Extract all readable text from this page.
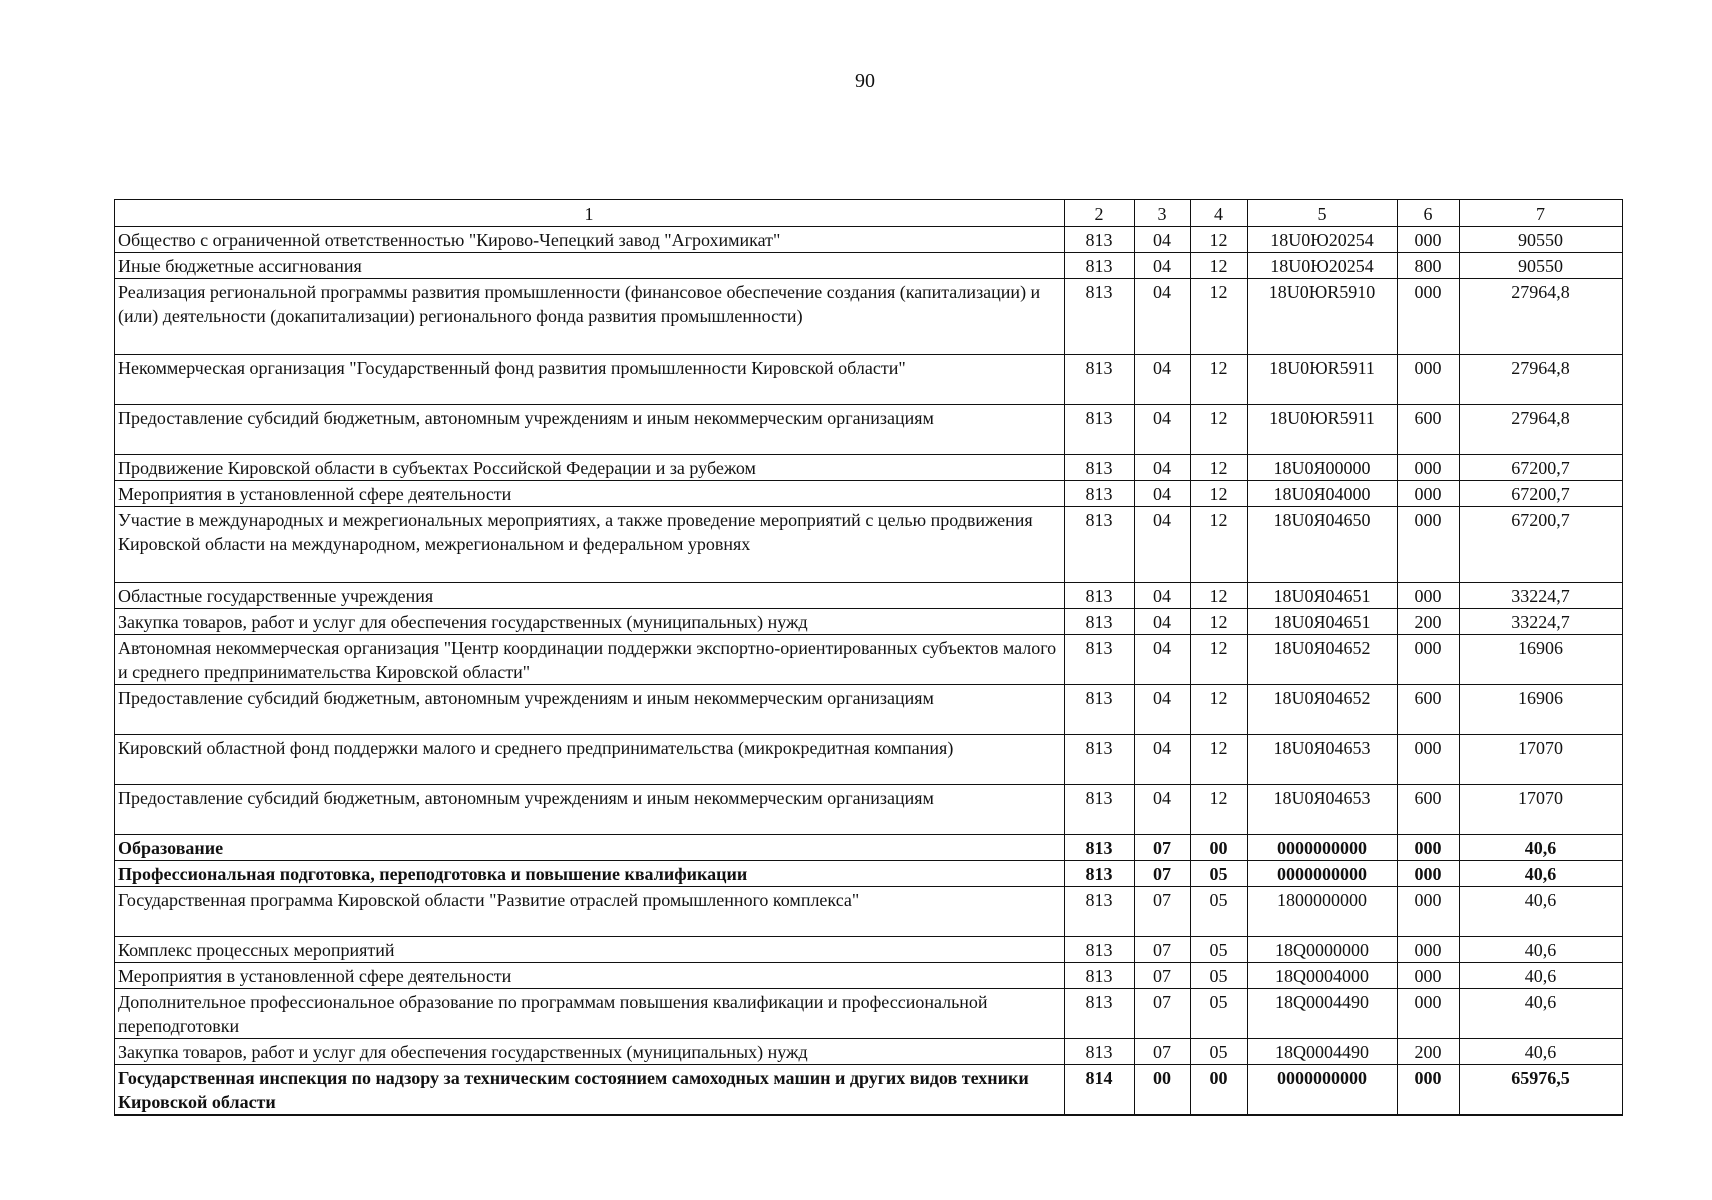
90
1	2	3	4	5	6	7
Общество с ограниченной ответственностью "Кирово-Чепецкий завод "Агрохимикат"	813	04	12	18U0Ю20254	000	90550
Иные бюджетные ассигнования	813	04	12	18U0Ю20254	800	90550
Реализация региональной программы развития промышленности (финансовое обеспечение создания (капитализации) и (или) деятельности (докапитализации) регионального фонда развития промышленности)	813	04	12	18U0ЮR5910	000	27964,8
Некоммерческая организация "Государственный фонд развития промышленности Кировской области"	813	04	12	18U0ЮR5911	000	27964,8
Предоставление субсидий бюджетным, автономным учреждениям и иным некоммерческим организациям	813	04	12	18U0ЮR5911	600	27964,8
Продвижение Кировской области в субъектах Российской Федерации и за рубежом	813	04	12	18U0Я00000	000	67200,7
Мероприятия в установленной сфере деятельности	813	04	12	18U0Я04000	000	67200,7
Участие в международных и межрегиональных мероприятиях, а также проведение мероприятий с целью продвижения Кировской области на международном, межрегиональном и федеральном уровнях	813	04	12	18U0Я04650	000	67200,7
Областные государственные учреждения	813	04	12	18U0Я04651	000	33224,7
Закупка товаров, работ и услуг для обеспечения государственных (муниципальных) нужд	813	04	12	18U0Я04651	200	33224,7
Автономная некоммерческая организация "Центр координации поддержки экспортно-ориентированных субъектов малого и среднего предпринимательства Кировской области"	813	04	12	18U0Я04652	000	16906
Предоставление субсидий бюджетным, автономным учреждениям и иным некоммерческим организациям	813	04	12	18U0Я04652	600	16906
Кировский областной фонд поддержки малого и среднего предпринимательства (микрокредитная компания)	813	04	12	18U0Я04653	000	17070
Предоставление субсидий бюджетным, автономным учреждениям и иным некоммерческим организациям	813	04	12	18U0Я04653	600	17070
Образование	813	07	00	0000000000	000	40,6
Профессиональная подготовка, переподготовка и повышение квалификации	813	07	05	0000000000	000	40,6
Государственная программа Кировской области "Развитие отраслей промышленного комплекса"	813	07	05	1800000000	000	40,6
Комплекс процессных мероприятий	813	07	05	18Q0000000	000	40,6
Мероприятия в установленной сфере деятельности	813	07	05	18Q0004000	000	40,6
Дополнительное профессиональное образование по программам повышения квалификации и профессиональной переподготовки	813	07	05	18Q0004490	000	40,6
Закупка товаров, работ и услуг для обеспечения государственных (муниципальных) нужд	813	07	05	18Q0004490	200	40,6
Государственная инспекция по надзору за техническим состоянием самоходных машин и других видов техники Кировской области	814	00	00	0000000000	000	65976,5
